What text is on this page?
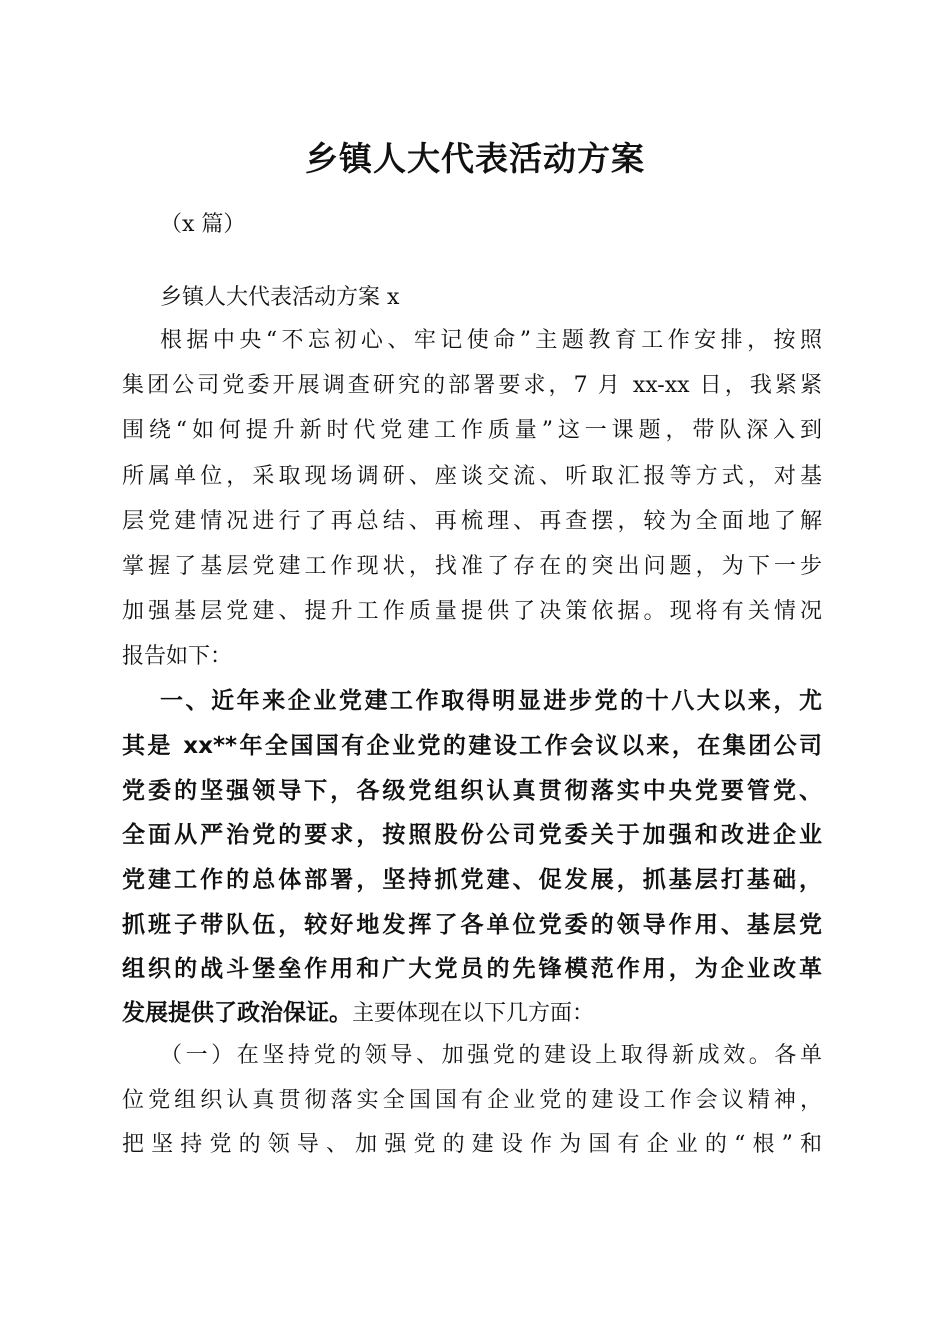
乡镇人大代表活动方案
（x 篇）
乡镇人大代表活动方案 x
根据中央“不忘初心、牢记使命”主题教育工作安排，按照
集团公司党委开展调查研究的部署要求，7 月 xx-xx 日，我紧紧
围绕“如何提升新时代党建工作质量”这一课题，带队深入到
所属单位，采取现场调研、座谈交流、听取汇报等方式，对基
层党建情况进行了再总结、再梳理、再查摆，较为全面地了解
掌握了基层党建工作现状，找准了存在的突出问题，为下一步
加强基层党建、提升工作质量提供了决策依据。现将有关情况
报告如下：
一、近年来企业党建工作取得明显进步党的十八大以来，尤
其是 xx**年全国国有企业党的建设工作会议以来，在集团公司
党委的坚强领导下，各级党组织认真贯彻落实中央党要管党、
全面从严治党的要求，按照股份公司党委关于加强和改进企业
党建工作的总体部署，坚持抓党建、促发展，抓基层打基础，
抓班子带队伍，较好地发挥了各单位党委的领导作用、基层党
组织的战斗堡垒作用和广大党员的先锋模范作用，为企业改革
发展提供了政治保证。主要体现在以下几方面：
（一）在坚持党的领导、加强党的建设上取得新成效。各单
位党组织认真贯彻落实全国国有企业党的建设工作会议精神，
把坚持党的领导、加强党的建设作为国有企业的“根”和
